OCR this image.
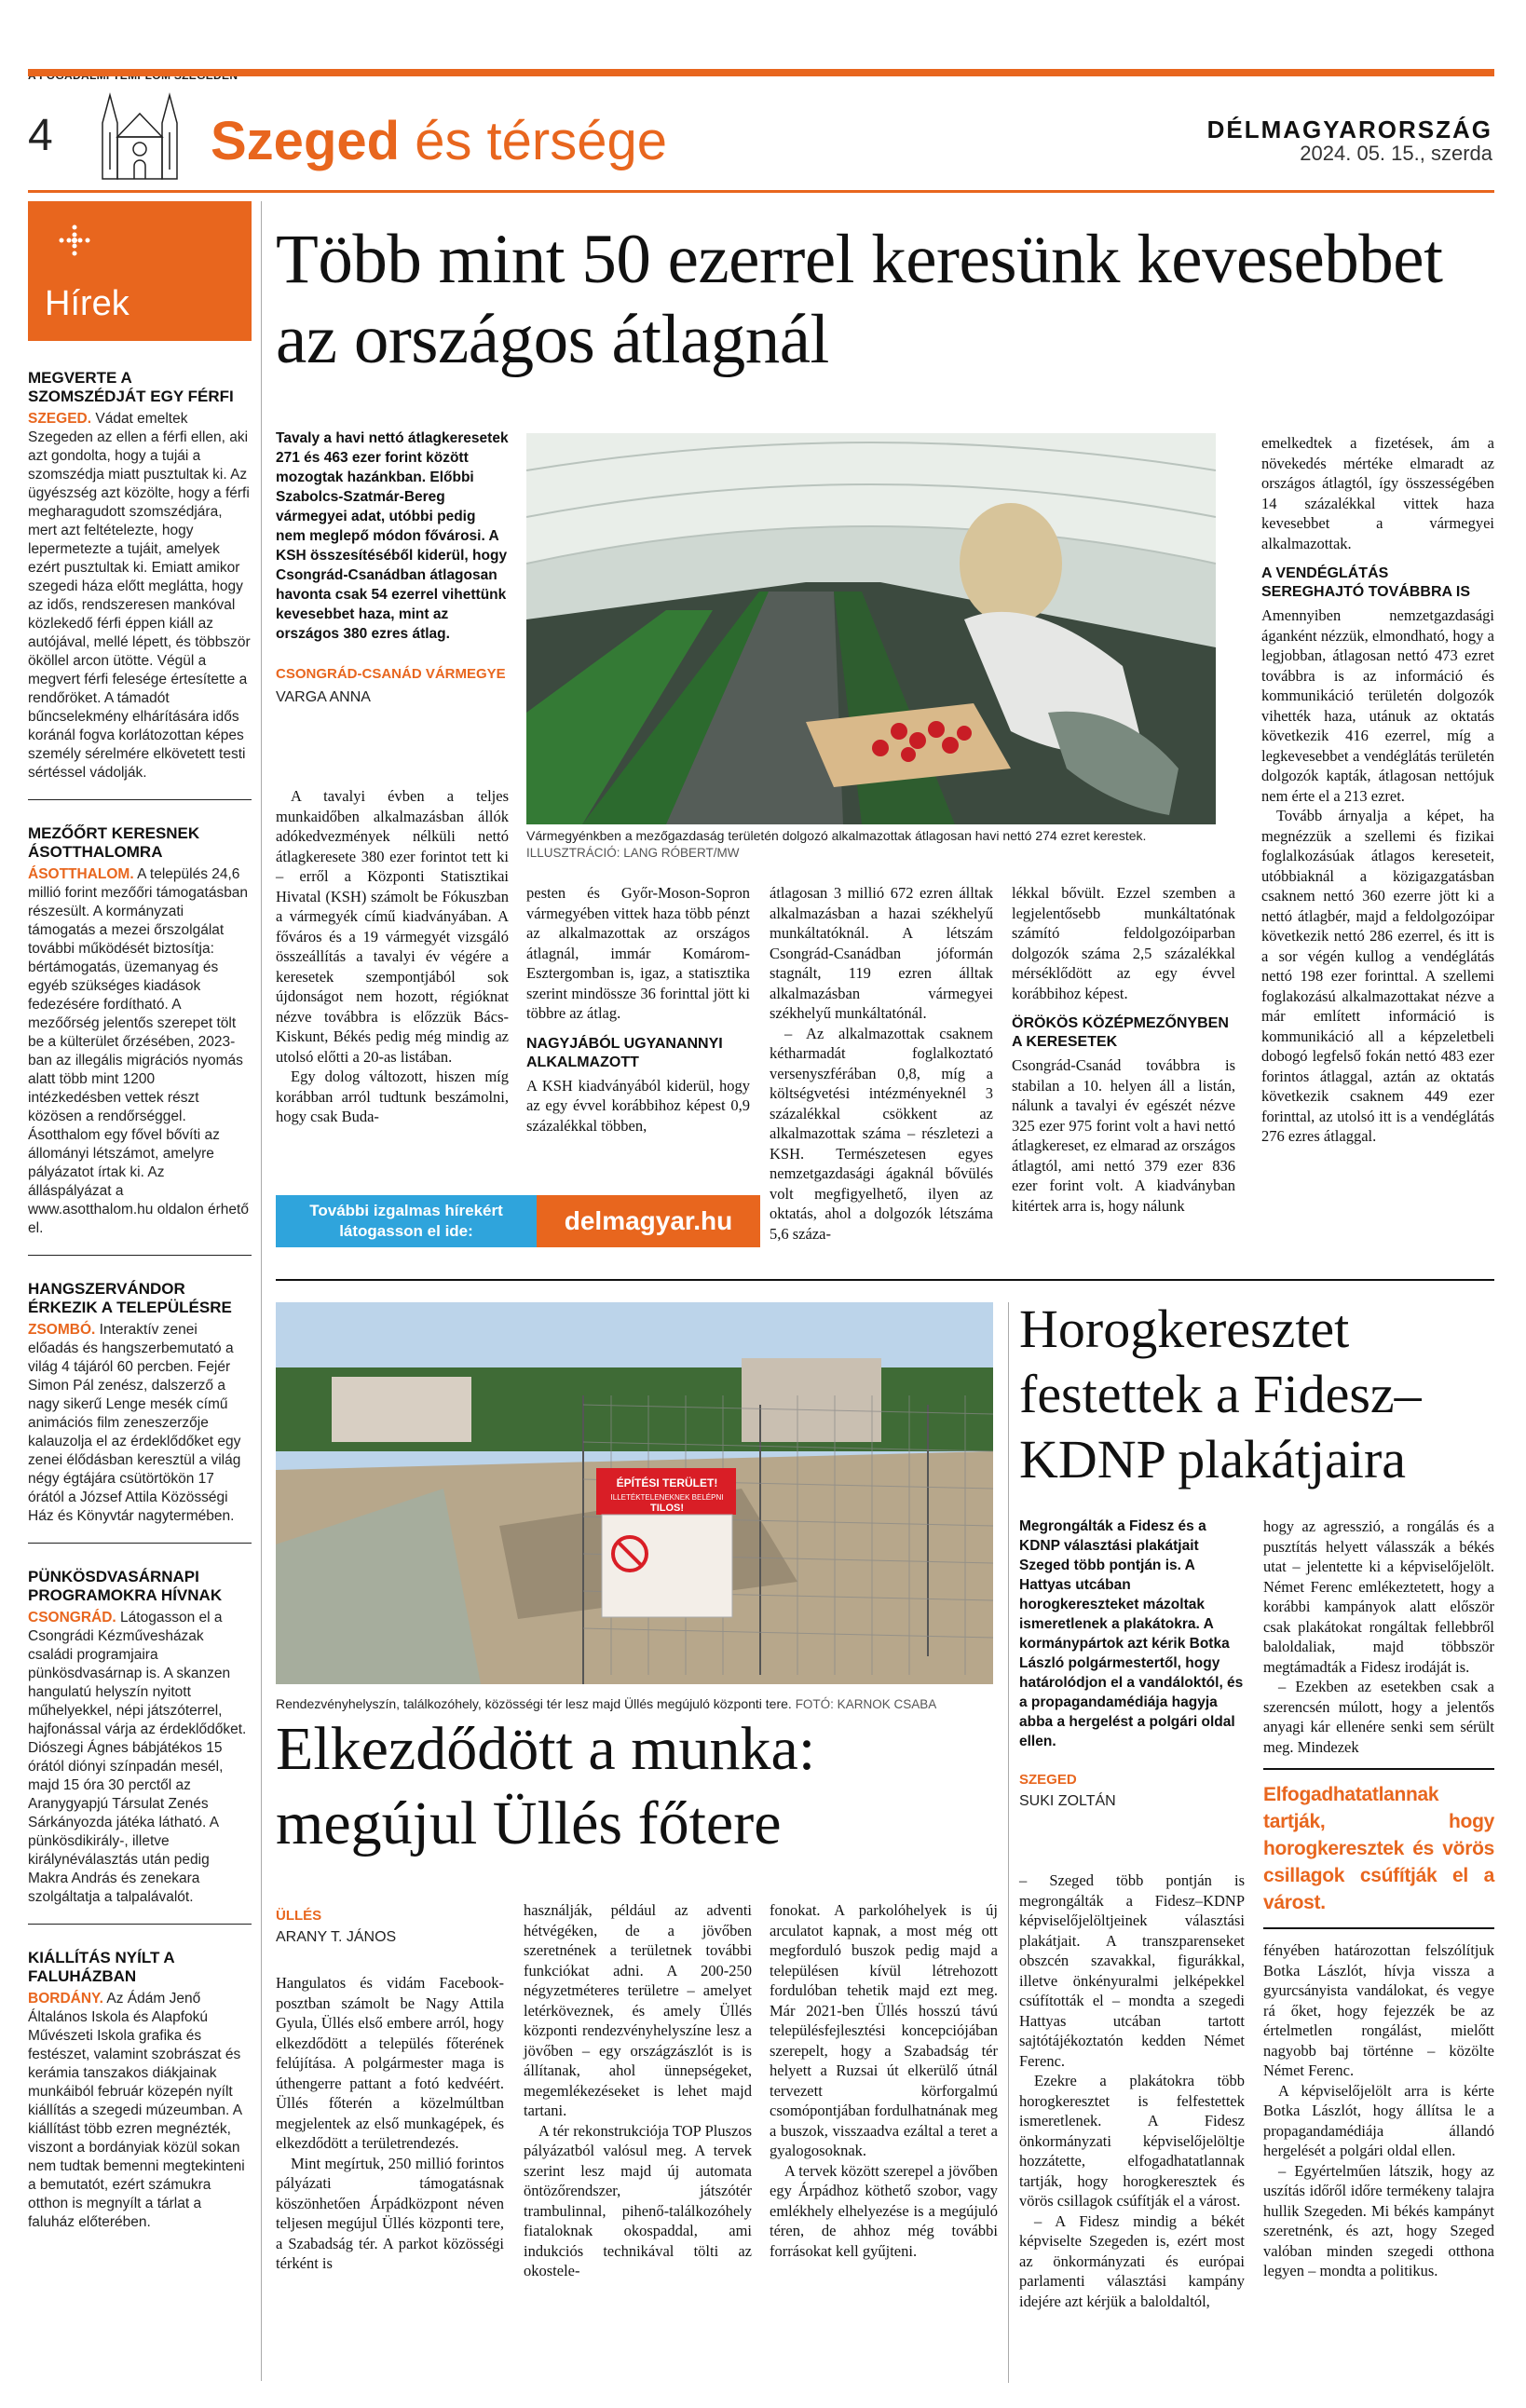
4	Szeged és térsége	DÉLMAGYARORSZÁG
2024. 05. 15., szerda
Hírek
MEGVERTE A SZOMSZÉDJÁT EGY FÉRFI
SZEGED. Vádat emeltek Szegeden az ellen a férfi ellen, aki azt gondolta, hogy a tujái a szomszédja miatt pusztultak ki. Az ügyészség azt közölte, hogy a férfi megharagudott szomszédjára, mert azt feltételezte, hogy lepermetezte a tujáit, amelyek ezért pusztultak ki. Emiatt amikor szegedi háza előtt meglátta, hogy az idős, rendszeresen mankóval közlekedő férfi éppen kiáll az autójával, mellé lépett, és többször ököllel arcon ütötte. Végül a megvert férfi felesége értesítette a rendőröket. A támadót bűncselekmény elhárítására idős koránál fogva korlátozottan képes személy sérelmére elkövetett testi sértéssel vádolják.
MEZŐŐRT KERESNEK ÁSOTTHALOMRA
ÁSOTTHALOM. A település 24,6 millió forint mezőőri támogatásban részesült. A kormányzati támogatás a mezei őrszolgálat további működését biztosítja: bértámogatás, üzemanyag és egyéb szükséges kiadások fedezésére fordítható. A mezőőrség jelentős szerepet tölt be a külterület őrzésében, 2023-ban az illegális migrációs nyomás alatt több mint 1200 intézkedésben vettek részt közösen a rendőrséggel. Ásotthalom egy fővel bővíti az állományi létszámot, amelyre pályázatot írtak ki. Az álláspályázat a www.asotthalom.hu oldalon érhető el.
HANGSZERVÁNDOR ÉRKEZIK A TELEPÜLÉSRE
ZSOMBÓ. Interaktív zenei előadás és hangszerbemutató a világ 4 tájáról 60 percben. Fejér Simon Pál zenész, dalszerző a nagy sikerű Lenge mesék című animációs film zeneszerzője kalauzolja el az érdeklődőket egy zenei élődásban keresztül a világ négy égtájára csütörtökön 17 órától a József Attila Közösségi Ház és Könyvtár nagytermében.
PÜNKÖSDVASÁRNAPI PROGRAMOKRA HÍVNAK
CSONGRÁD. Látogasson el a Csongrádi Kézművesházak családi programjaira pünkösdvasárnap is. A skanzen hangulatú helyszín nyitott műhelyekkel, népi játszóterrel, hajfonással várja az érdeklődőket. Diószegi Ágnes bábjátékos 15 órától diónyi színpadán mesél, majd 15 óra 30 perctől az Aranygyapjú Társulat Zenés Sárkányozda játéka látható. A pünkösdikirály-, illetve királynéválasztás után pedig Makra András és zenekara szolgáltatja a talpalávalót.
KIÁLLÍTÁS NYÍLT A FALUHÁZBAN
BORDÁNY. Az Ádám Jenő Általános Iskola és Alapfokú Művészeti Iskola grafika és festészet, valamint szobrászat és kerámia tanszakos diákjainak munkáiból február közepén nyílt kiállítás a szegedi múzeumban. A kiállítást több ezren megnézték, viszont a bordányiak közül sokan nem tudtak bemenni megtekinteni a bemutatót, ezért számukra otthon is megnyílt a tárlat a faluház előterében.
Több mint 50 ezerrel keresünk kevesebbet az országos átlagnál
Tavaly a havi nettó átlagkeresetek 271 és 463 ezer forint között mozogtak hazánkban. Előbbi Szabolcs-Szatmár-Bereg vármegyei adat, utóbbi pedig nem meglepő módon fővárosi. A KSH összesítéséből kiderül, hogy Csongrád-Csanádban átlagosan havonta csak 54 ezerrel vihettünk kevesebbet haza, mint az országos 380 ezres átlag.
CSONGRÁD-CSANÁD VÁRMEGYE
VARGA ANNA
Vármegyénkben a mezőgazdaság területén dolgozó alkalmazottak átlagosan havi nettó 274 ezret kerestek.
ILLUSZTRÁCIÓ: LANG RÓBERT/MW

A tavalyi évben a teljes munkaidőben alkalmazásban állók adókedvezmények nélküli nettó átlagkeresete 380 ezer forintot tett ki – erről a Központi Statisztikai Hivatal (KSH) számolt be Fókuszban a vármegyék című kiadványában. A főváros és a 19 vármegyét vizsgáló összeállítás a tavalyi év végére a keresetek szempontjából sok újdonságot nem hozott, régióknat nézve továbbra is előzzük Bács-Kiskunt, Békés pedig még mindig az utolsó előtti a 20-as listában.

Egy dolog változott, hiszen míg korábban arról tudtunk beszámolni, hogy csak Buda-

pesten és Győr-Moson-Sopron vármegyében vittek haza több pénzt az alkalmazottak az országos átlagnál, immár Komárom-Esztergomban is, igaz, a statisztika szerint mindössze 36 forinttal jött ki többre az átlag.

NAGYJÁBÓL UGYANANNYI ALKALMAZOTT

A KSH kiadványából kiderül, hogy az egy évvel korábbihoz képest 0,9 százalékkal többen,

átlagosan 3 millió 672 ezren álltak alkalmazásban a hazai székhelyű munkáltatóknál. A létszám Csongrád-Csanádban jóformán stagnált, 119 ezren álltak alkalmazásban vármegyei székhelyű munkáltatónál.

– Az alkalmazottak csaknem kétharmadát foglalkoztató versenyszférában 0,8, míg a költségvetési intézményeknél 3 százalékkal csökkent az alkalmazottak száma – részletezi a KSH. Természetesen egyes nemzetgazdasági ágaknál bővülés volt megfigyelhető, ilyen az oktatás, ahol a dolgozók létszáma 5,6 száza-

lékkal bővült. Ezzel szemben a legjelentősebb munkáltatónak számító feldolgozóiparban dolgozók száma 2,5 százalékkal mérséklődött az egy évvel korábbihoz képest.

ÖRÖKÖS KÖZÉPMEZŐNYBEN A KERESETEK

Csongrád-Csanád továbbra is stabilan a 10. helyen áll a listán, nálunk a tavalyi év egészét nézve 325 ezer 975 forint volt a havi nettó átlagkereset, ez elmarad az országos átlagtól, ami nettó 379 ezer 836 ezer forint volt. A kiadványban kitértek arra is, hogy nálunk

emelkedtek a fizetések, ám a növekedés mértéke elmaradt az országos átlagtól, így összességében 14 százalékkal vittek haza kevesebbet a vármegyei alkalmazottak.

A VENDÉGLÁTÁS SEREGHAJTÓ TOVÁBBRA IS

Amennyiben nemzetgazdasági áganként nézzük, elmondható, hogy a legjobban, átlagosan nettó 473 ezret továbbra is az információ és kommunikáció területén dolgozók vihették haza, utánuk az oktatás következik 416 ezerrel, míg a legkevesebbet a vendéglátás területén dolgozók kapták, átlagosan nettójuk nem érte el a 213 ezret.

Tovább árnyalja a képet, ha megnézzük a szellemi és fizikai foglalkozásúak átlagos kereseteit, utóbbiaknál a közigazgatásban csaknem nettó 360 ezerre jött ki a nettó átlagbér, majd a feldolgozóipar következik nettó 286 ezerrel, és itt is a sor végén kullog a vendéglátás nettó 198 ezer forinttal. A szellemi foglakozású alkalmazottakat nézve a már említett információ is kommunikáció all a képzeletbeli dobogó legfelső fokán nettó 483 ezer forintos átlaggal, aztán az oktatás következik csaknem 449 ezer forinttal, az utolsó itt is a vendéglátás 276 ezres átlaggal.

További izgalmas hírekért látogasson el ide:	delmagyar.hu
ÉPÍTÉSI TERÜLET!
ILLETÉKTELENEKNEK BELÉPNI
TILOS!
Rendezvényhelyszín, találkozóhely, közösségi tér lesz majd Üllés megújuló központi tere. FOTÓ: KARNOK CSABA
Elkezdődött a munka: megújul Üllés főtere
ÜLLÉS
ARANY T. JÁNOS

Hangulatos és vidám Facebook-posztban számolt be Nagy Attila Gyula, Üllés első embere arról, hogy elkezdődött a település főterének felújítása. A polgármester maga is úthengerre pattant a fotó kedvéért. Üllés főterén a közelmúltban megjelentek az első munkagépek, és elkezdődött a területrendezés.

Mint megírtuk, 250 millió forintos pályázati támogatásnak köszönhetően Árpádközpont néven teljesen megújul Üllés központi tere, a Szabadság tér. A parkot közösségi térként is

használják, például az adventi hétvégéken, de a jövőben szeretnének a területnek további funkciókat adni. A 200-250 négyzetméteres területre – amelyet letérköveznek, és amely Üllés központi rendezvényhelyszíne lesz a jövőben – egy országzászlót is is állítanak, ahol ünnepségeket, megemlékezéseket is lehet majd tartani.

A tér rekonstrukciója TOP Pluszos pályázatból valósul meg. A tervek szerint lesz majd új automata öntözőrendszer, játszótér trambulinnal, pihenő-találkozóhely fiataloknak okospaddal, ami indukciós technikával tölti az okostele-

fonokat. A parkolóhelyek is új arculatot kapnak, a most még ott megforduló buszok pedig majd a településen kívül létrehozott fordulóban tehetik majd ezt meg. Már 2021-ben Üllés hosszú távú településfejlesztési koncepciójában szerepelt, hogy a Szabadság tér helyett a Ruzsai út elkerülő útnál tervezett körforgalmú csomópontjában fordulhatnának meg a buszok, visszaadva ezáltal a teret a gyalogosoknak.

A tervek között szerepel a jövőben egy Árpádhoz köthető szobor, vagy emlékhely elhelyezése is a megújuló téren, de ahhoz még további forrásokat kell gyűjteni.

Horogkeresztet festettek a Fidesz–KDNP plakátjaira
Megrongálták a Fidesz és a KDNP választási plakátjait Szeged több pontján is. A Hattyas utcában horogkereszteket mázoltak ismeretlenek a plakátokra. A kormánypártok azt kérik Botka László polgármestertől, hogy határolódjon el a vandáloktól, és a propagandamédiája hagyja abba a hergelést a polgári oldal ellen.
SZEGED
SUKI ZOLTÁN

– Szeged több pontján is megrongálták a Fidesz–KDNP képviselőjelöltjeinek választási plakátjait. A transzparenseket obszcén szavakkal, figurákkal, illetve önkényuralmi jelképekkel csúfították el – mondta a szegedi Hattyas utcában tartott sajtótájékoztatón kedden Német Ferenc.

Ezekre a plakátokra több horogkeresztet is felfestettek ismeretlenek. A Fidesz önkormányzati képviselőjelöltje hozzátette, elfogadhatatlannak tartják, hogy horogkeresztek és vörös csillagok csúfítják el a várost.

– A Fidesz mindig a békét képviselte Szegeden is, ezért most az önkormányzati és európai parlamenti választási kampány idejére azt kérjük a baloldaltól,

hogy az agresszió, a rongálás és a pusztítás helyett válasszák a békés utat – jelentette ki a képviselőjelölt. Német Ferenc emlékeztetett, hogy a korábbi kampányok alatt először csak plakátokat rongáltak fellebbről baloldaliak, majd többször megtámadták a Fidesz irodáját is.

– Ezekben az esetekben csak a szerencsén múlott, hogy a jelentős anyagi kár ellenére senki sem sérült meg. Mindezek

Elfogadhatatlannak tartják, hogy horogkeresztek és vörös csillagok csúfítják el a várost.

fényében határozottan felszólítjuk Botka Lászlót, hívja vissza a gyurcsányista vandálokat, és vegye rá őket, hogy fejezzék be az értelmetlen rongálást, mielőtt nagyobb baj történne – közölte Német Ferenc.

A képviselőjelölt arra is kérte Botka Lászlót, hogy állítsa le a propagandamédiája állandó hergelését a polgári oldal ellen.

– Egyértelműen látszik, hogy az uszítás időről időre termékeny talajra hullik Szegeden. Mi békés kampányt szeretnénk, és azt, hogy Szeged valóban minden szegedi otthona legyen – mondta a politikus.
